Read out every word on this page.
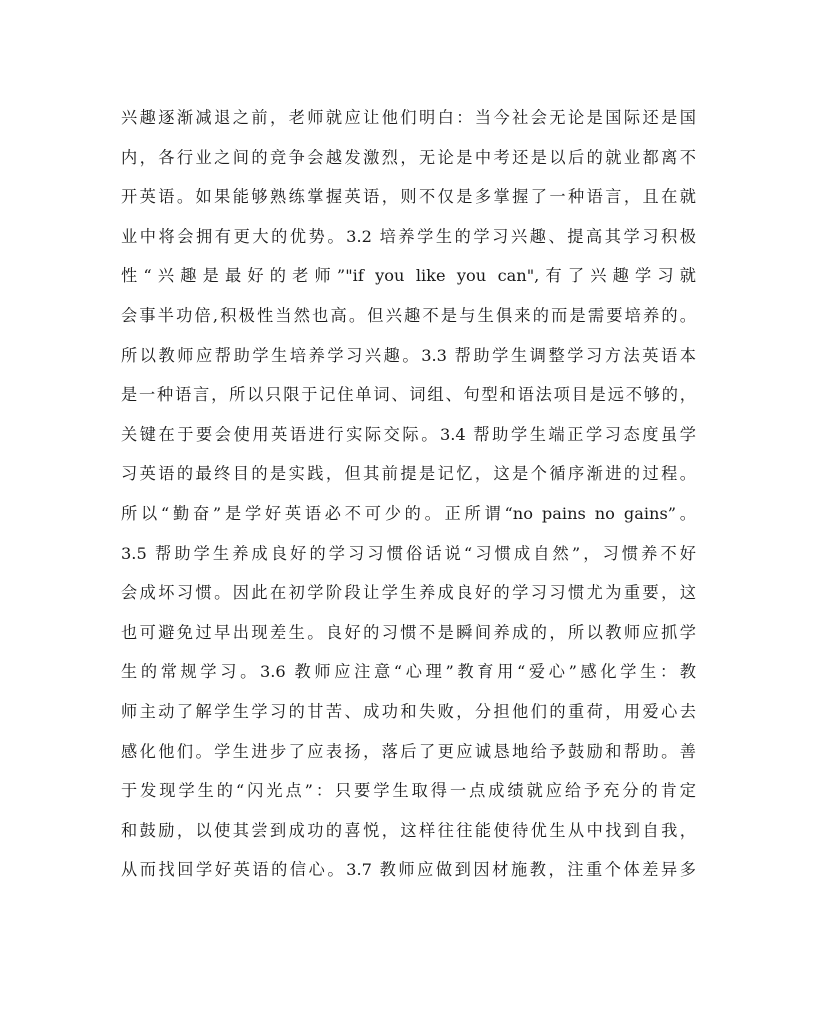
兴趣逐渐减退之前，老师就应让他们明白：当今社会无论是国际还是国
内，各行业之间的竞争会越发激烈，无论是中考还是以后的就业都离不
开英语。如果能够熟练掌握英语，则不仅是多掌握了一种语言，且在就
业中将会拥有更大的优势。3.2 培养学生的学习兴趣、提高其学习积极
性“兴趣是最好的老师”"if you like you can",有了兴趣学习就
会事半功倍,积极性当然也高。但兴趣不是与生俱来的而是需要培养的。
所以教师应帮助学生培养学习兴趣。3.3 帮助学生调整学习方法英语本
是一种语言，所以只限于记住单词、词组、句型和语法项目是远不够的，
关键在于要会使用英语进行实际交际。3.4 帮助学生端正学习态度虽学
习英语的最终目的是实践，但其前提是记忆，这是个循序渐进的过程。
所以“勤奋”是学好英语必不可少的。正所谓“no pains no gains”。
3.5 帮助学生养成良好的学习习惯俗话说“习惯成自然”，习惯养不好
会成坏习惯。因此在初学阶段让学生养成良好的学习习惯尤为重要，这
也可避免过早出现差生。良好的习惯不是瞬间养成的，所以教师应抓学
生的常规学习。3.6 教师应注意“心理”教育用“爱心”感化学生：教
师主动了解学生学习的甘苦、成功和失败，分担他们的重荷，用爱心去
感化他们。学生进步了应表扬，落后了更应诚恳地给予鼓励和帮助。善
于发现学生的“闪光点”：只要学生取得一点成绩就应给予充分的肯定
和鼓励，以使其尝到成功的喜悦，这样往往能使待优生从中找到自我，
从而找回学好英语的信心。3.7 教师应做到因材施教，注重个体差异多
